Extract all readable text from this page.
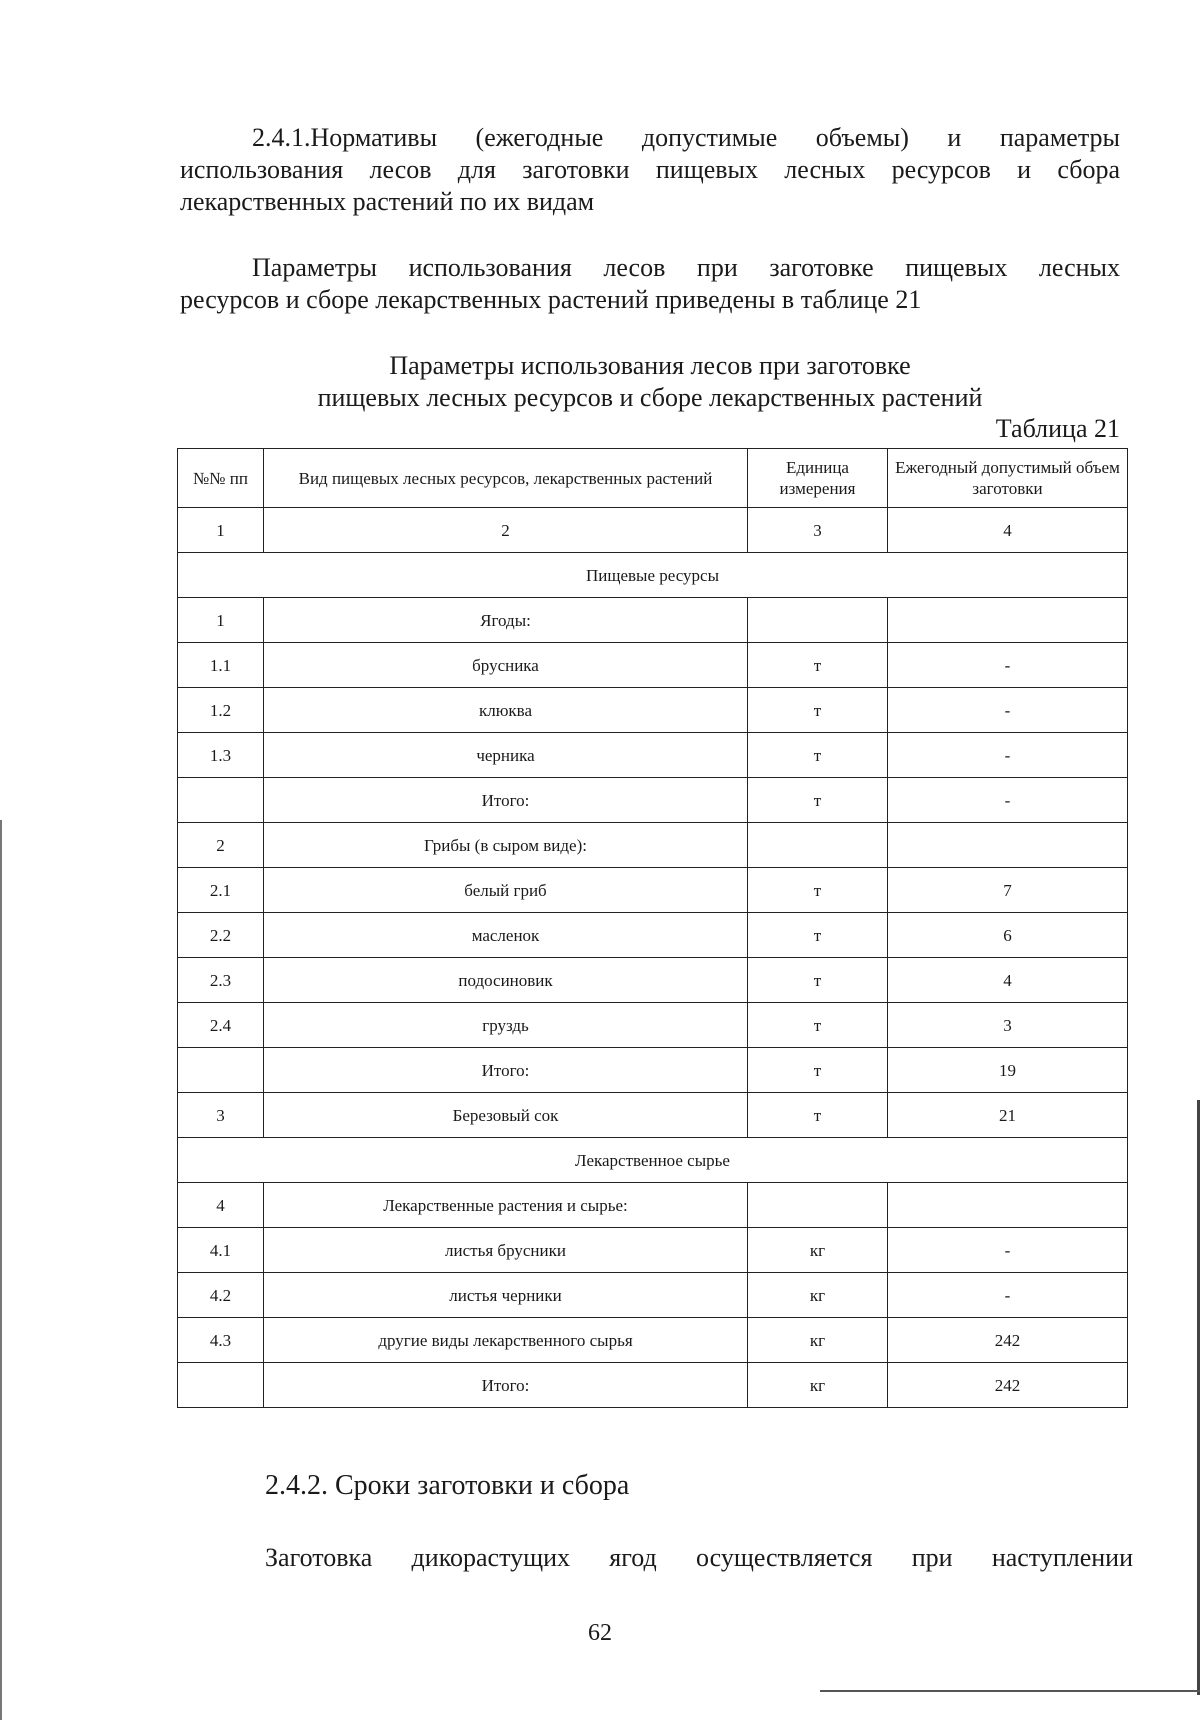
2.4.1.Нормативы (ежегодные допустимые объемы) и параметры
использования лесов для заготовки пищевых лесных ресурсов и сбора
лекарственных растений по их видам
Параметры использования лесов при заготовке пищевых лесных
ресурсов и сборе лекарственных растений приведены в таблице 21
Параметры использования лесов при заготовке
пищевых лесных ресурсов и сборе лекарственных растений
Таблица 21
№№ пп	Вид пищевых лесных ресурсов, лекарственных растений	Единица измерения	Ежегодный допустимый объем заготовки
1	2	3	4
Пищевые ресурсы			
1	Ягоды:		
1.1	брусника	т	-
1.2	клюква	т	-
1.3	черника	т	-
	Итого:	т	-
2	Грибы (в сыром виде):		
2.1	белый гриб	т	7
2.2	масленок	т	6
2.3	подосиновик	т	4
2.4	груздь	т	3
	Итого:	т	19
3	Березовый сок	т	21
Лекарственное сырье			
4	Лекарственные растения и сырье:		
4.1	листья брусники	кг	-
4.2	листья черники	кг	-
4.3	другие виды лекарственного сырья	кг	242
	Итого:	кг	242
2.4.2. Сроки заготовки и сбора
Заготовка дикорастущих ягод осуществляется при наступлении
62
